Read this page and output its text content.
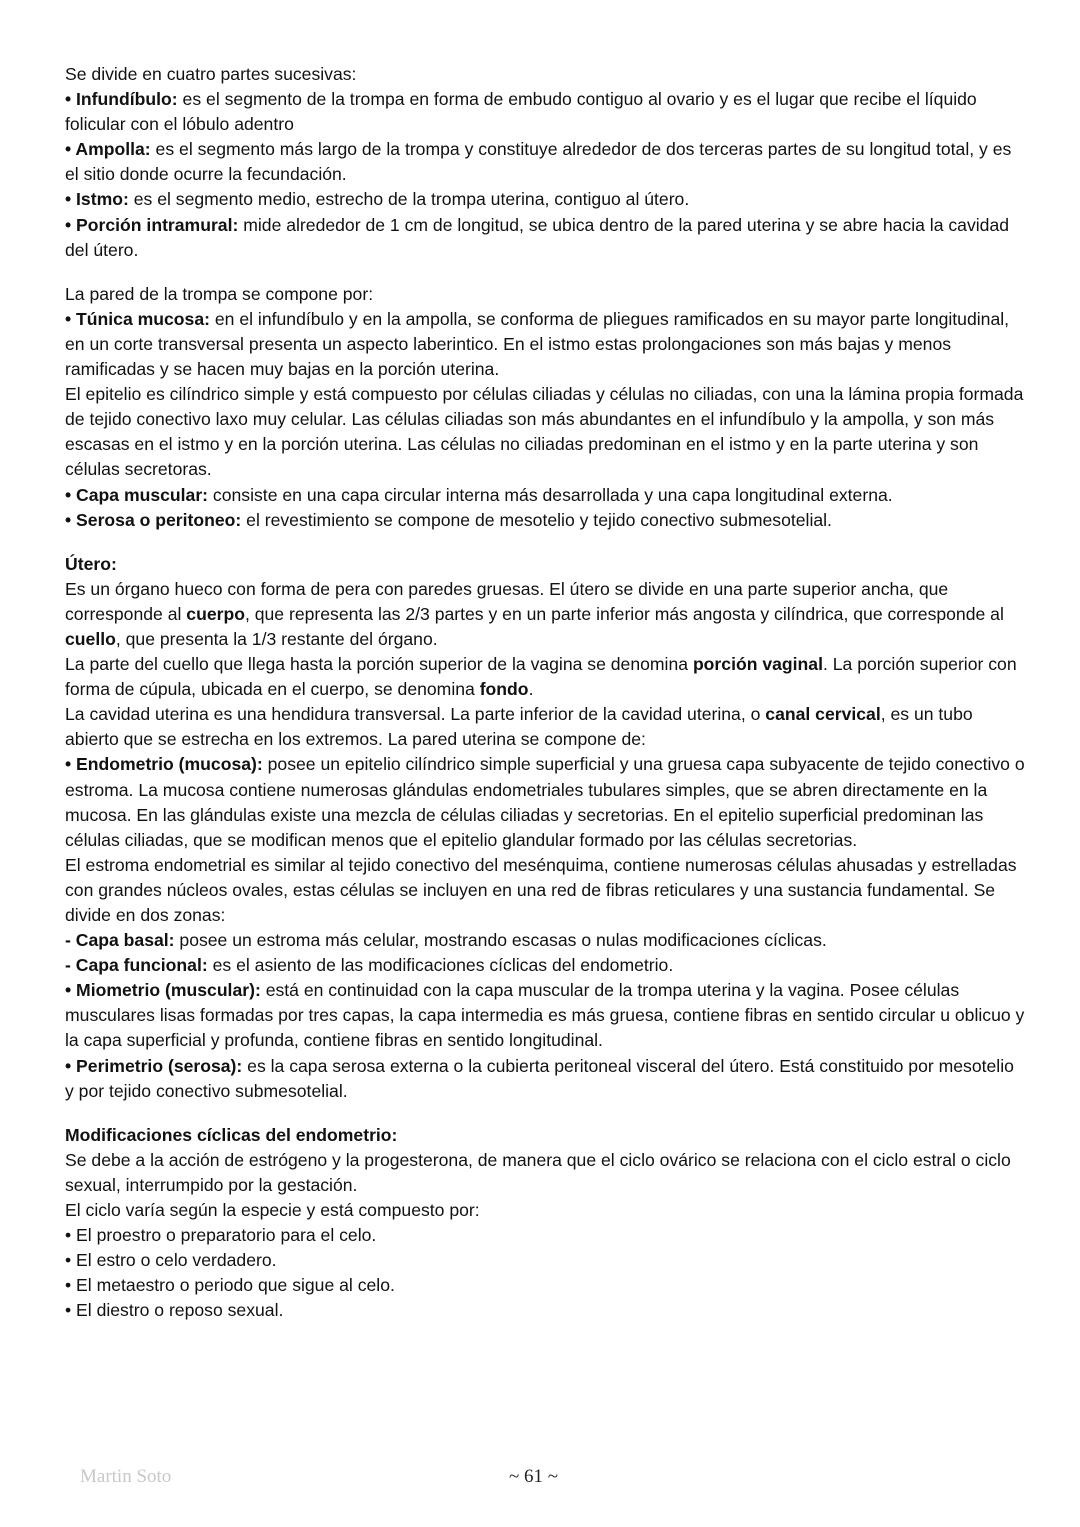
Se divide en cuatro partes sucesivas:

• Infundíbulo: es el segmento de la trompa en forma de embudo contiguo al ovario y es el lugar que recibe el líquido folicular con el lóbulo adentro

• Ampolla: es el segmento más largo de la trompa y constituye alrededor de dos terceras partes de su longitud total, y es el sitio donde ocurre la fecundación.

• Istmo: es el segmento medio, estrecho de la trompa uterina, contiguo al útero.

• Porción intramural: mide alrededor de 1 cm de longitud, se ubica dentro de la pared uterina y se abre hacia la cavidad del útero.

La pared de la trompa se compone por:

• Túnica mucosa: en el infundíbulo y en la ampolla, se conforma de pliegues ramificados en su mayor parte longitudinal, en un corte transversal presenta un aspecto laberintico. En el istmo estas prolongaciones son más bajas y menos ramificadas y se hacen muy bajas en la porción uterina.

El epitelio es cilíndrico simple y está compuesto por células ciliadas y células no ciliadas, con una la lámina propia formada de tejido conectivo laxo muy celular. Las células ciliadas son más abundantes en el infundíbulo y la ampolla, y son más escasas en el istmo y en la porción uterina. Las células no ciliadas predominan en el istmo y en la parte uterina y son células secretoras.

• Capa muscular: consiste en una capa circular interna más desarrollada y una capa longitudinal externa.

• Serosa o peritoneo: el revestimiento se compone de mesotelio y tejido conectivo submesotelial.

Útero:

Es un órgano hueco con forma de pera con paredes gruesas. El útero se divide en una parte superior ancha, que corresponde al cuerpo, que representa las 2/3 partes y en un parte inferior más angosta y cilíndrica, que corresponde al cuello, que presenta la 1/3 restante del órgano.

La parte del cuello que llega hasta la porción superior de la vagina se denomina porción vaginal. La porción superior con forma de cúpula, ubicada en el cuerpo, se denomina fondo.

La cavidad uterina es una hendidura transversal. La parte inferior de la cavidad uterina, o canal cervical, es un tubo abierto que se estrecha en los extremos. La pared uterina se compone de:

• Endometrio (mucosa): posee un epitelio cilíndrico simple superficial y una gruesa capa subyacente de tejido conectivo o estroma. La mucosa contiene numerosas glándulas endometriales tubulares simples, que se abren directamente en la mucosa. En las glándulas existe una mezcla de células ciliadas y secretorias. En el epitelio superficial predominan las células ciliadas, que se modifican menos que el epitelio glandular formado por las células secretorias.

El estroma endometrial es similar al tejido conectivo del mesénquima, contiene numerosas células ahusadas y estrelladas con grandes núcleos ovales, estas células se incluyen en una red de fibras reticulares y una sustancia fundamental. Se divide en dos zonas:

- Capa basal: posee un estroma más celular, mostrando escasas o nulas modificaciones cíclicas.

- Capa funcional: es el asiento de las modificaciones cíclicas del endometrio.

• Miometrio (muscular): está en continuidad con la capa muscular de la trompa uterina y la vagina. Posee células musculares lisas formadas por tres capas, la capa intermedia es más gruesa, contiene fibras en sentido circular u oblicuo y la capa superficial y profunda, contiene fibras en sentido longitudinal.

• Perimetrio (serosa): es la capa serosa externa o la cubierta peritoneal visceral del útero. Está constituido por mesotelio y por tejido conectivo submesotelial.

Modificaciones cíclicas del endometrio:

Se debe a la acción de estrógeno y la progesterona, de manera que el ciclo ovárico se relaciona con el ciclo estral o ciclo sexual, interrumpido por la gestación.

El ciclo varía según la especie y está compuesto por:

• El proestro o preparatorio para el celo.

• El estro o celo verdadero.

• El metaestro o periodo que sigue al celo.

• El diestro o reposo sexual.

Martin Soto	~ 61 ~
